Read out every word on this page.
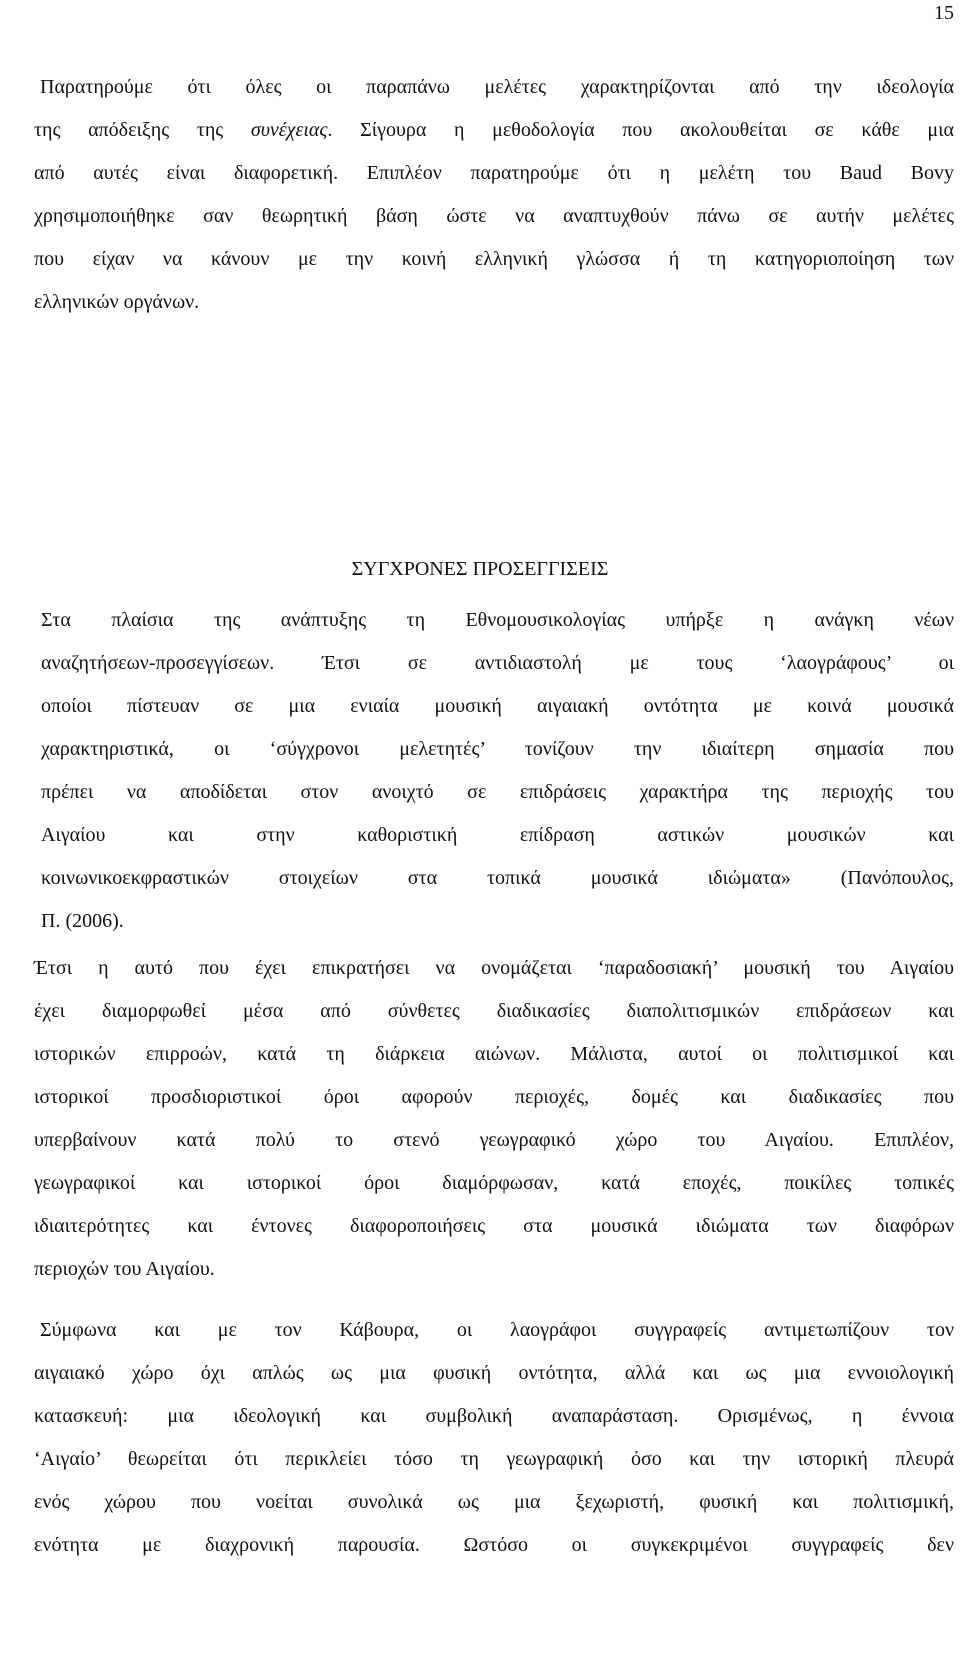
15
Παρατηρούμε ότι όλες οι παραπάνω μελέτες χαρακτηρίζονται από την ιδεολογία
της απόδειξης της συνέχειας. Σίγουρα η μεθοδολογία που ακολουθείται σε κάθε μια
από αυτές είναι διαφορετική. Επιπλέον παρατηρούμε ότι η μελέτη του Baud Bovy
χρησιμοποιήθηκε σαν θεωρητική βάση ώστε να αναπτυχθούν πάνω σε αυτήν μελέτες
που είχαν να κάνουν με την κοινή ελληνική γλώσσα ή τη κατηγοριοποίηση των
ελληνικών οργάνων.
ΣΥΓΧΡΟΝΕΣ ΠΡΟΣΕΓΓΙΣΕΙΣ
Στα πλαίσια της ανάπτυξης τη Εθνομουσικολογίας υπήρξε η ανάγκη νέων
αναζητήσεων-προσεγγίσεων. Έτσι σε αντιδιαστολή με τους ‘λαογράφους’ οι
οποίοι πίστευαν σε μια ενιαία μουσική αιγαιακή οντότητα με κοινά μουσικά
χαρακτηριστικά, οι ‘σύγχρονοι μελετητές’ τονίζουν την ιδιαίτερη σημασία που
πρέπει να αποδίδεται στον ανοιχτό σε επιδράσεις χαρακτήρα της περιοχής του
Αιγαίου και στην καθοριστική επίδραση αστικών μουσικών και
κοινωνικοεκφραστικών στοιχείων στα τοπικά μουσικά ιδιώματα» (Πανόπουλος,
Π. (2006).
Έτσι η αυτό που έχει επικρατήσει να ονομάζεται ‘παραδοσιακή’ μουσική του Αιγαίου
έχει διαμορφωθεί μέσα από σύνθετες διαδικασίες διαπολιτισμικών επιδράσεων και
ιστορικών επιρροών, κατά τη διάρκεια αιώνων. Μάλιστα, αυτοί οι πολιτισμικοί και
ιστορικοί προσδιοριστικοί όροι αφορούν περιοχές, δομές και διαδικασίες που
υπερβαίνουν κατά πολύ το στενό γεωγραφικό χώρο του Αιγαίου. Επιπλέον,
γεωγραφικοί και ιστορικοί όροι διαμόρφωσαν, κατά εποχές, ποικίλες τοπικές
ιδιαιτερότητες και έντονες διαφοροποιήσεις στα μουσικά ιδιώματα των διαφόρων
περιοχών του Αιγαίου.
Σύμφωνα και με τον Κάβουρα, οι λαογράφοι συγγραφείς αντιμετωπίζουν τον
αιγαιακό χώρο όχι απλώς ως μια φυσική οντότητα, αλλά και ως μια εννοιολογική
κατασκευή: μια ιδεολογική και συμβολική αναπαράσταση. Ορισμένως, η έννοια
‘Αιγαίο’ θεωρείται ότι περικλείει τόσο τη γεωγραφική όσο και την ιστορική πλευρά
ενός χώρου που νοείται συνολικά ως μια ξεχωριστή, φυσική και πολιτισμική,
ενότητα με διαχρονική παρουσία. Ωστόσο οι συγκεκριμένοι συγγραφείς δεν
